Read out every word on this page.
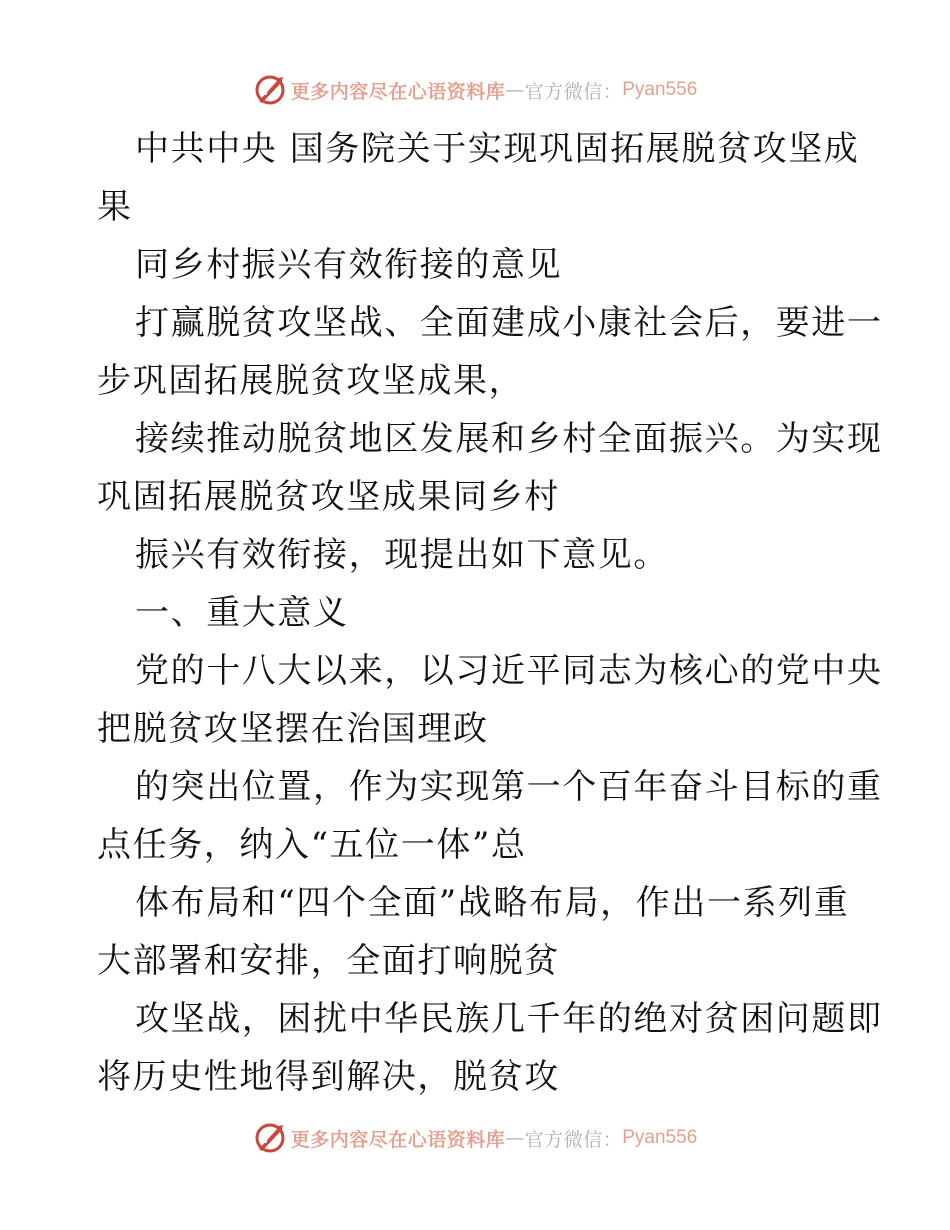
更多内容尽在心语资料库 — 官方微信： Pyan556
中共中央 国务院关于实现巩固拓展脱贫攻坚成
果
同乡村振兴有效衔接的意见
打赢脱贫攻坚战、全面建成小康社会后，要进一
步巩固拓展脱贫攻坚成果，
接续推动脱贫地区发展和乡村全面振兴。为实现
巩固拓展脱贫攻坚成果同乡村
振兴有效衔接，现提出如下意见。
一、重大意义
党的十八大以来，以习近平同志为核心的党中央
把脱贫攻坚摆在治国理政
的突出位置，作为实现第一个百年奋斗目标的重
点任务，纳入“五位一体”总
体布局和“四个全面”战略布局，作出一系列重
大部署和安排，全面打响脱贫
攻坚战，困扰中华民族几千年的绝对贫困问题即
将历史性地得到解决，脱贫攻
更多内容尽在心语资料库 — 官方微信： Pyan556
